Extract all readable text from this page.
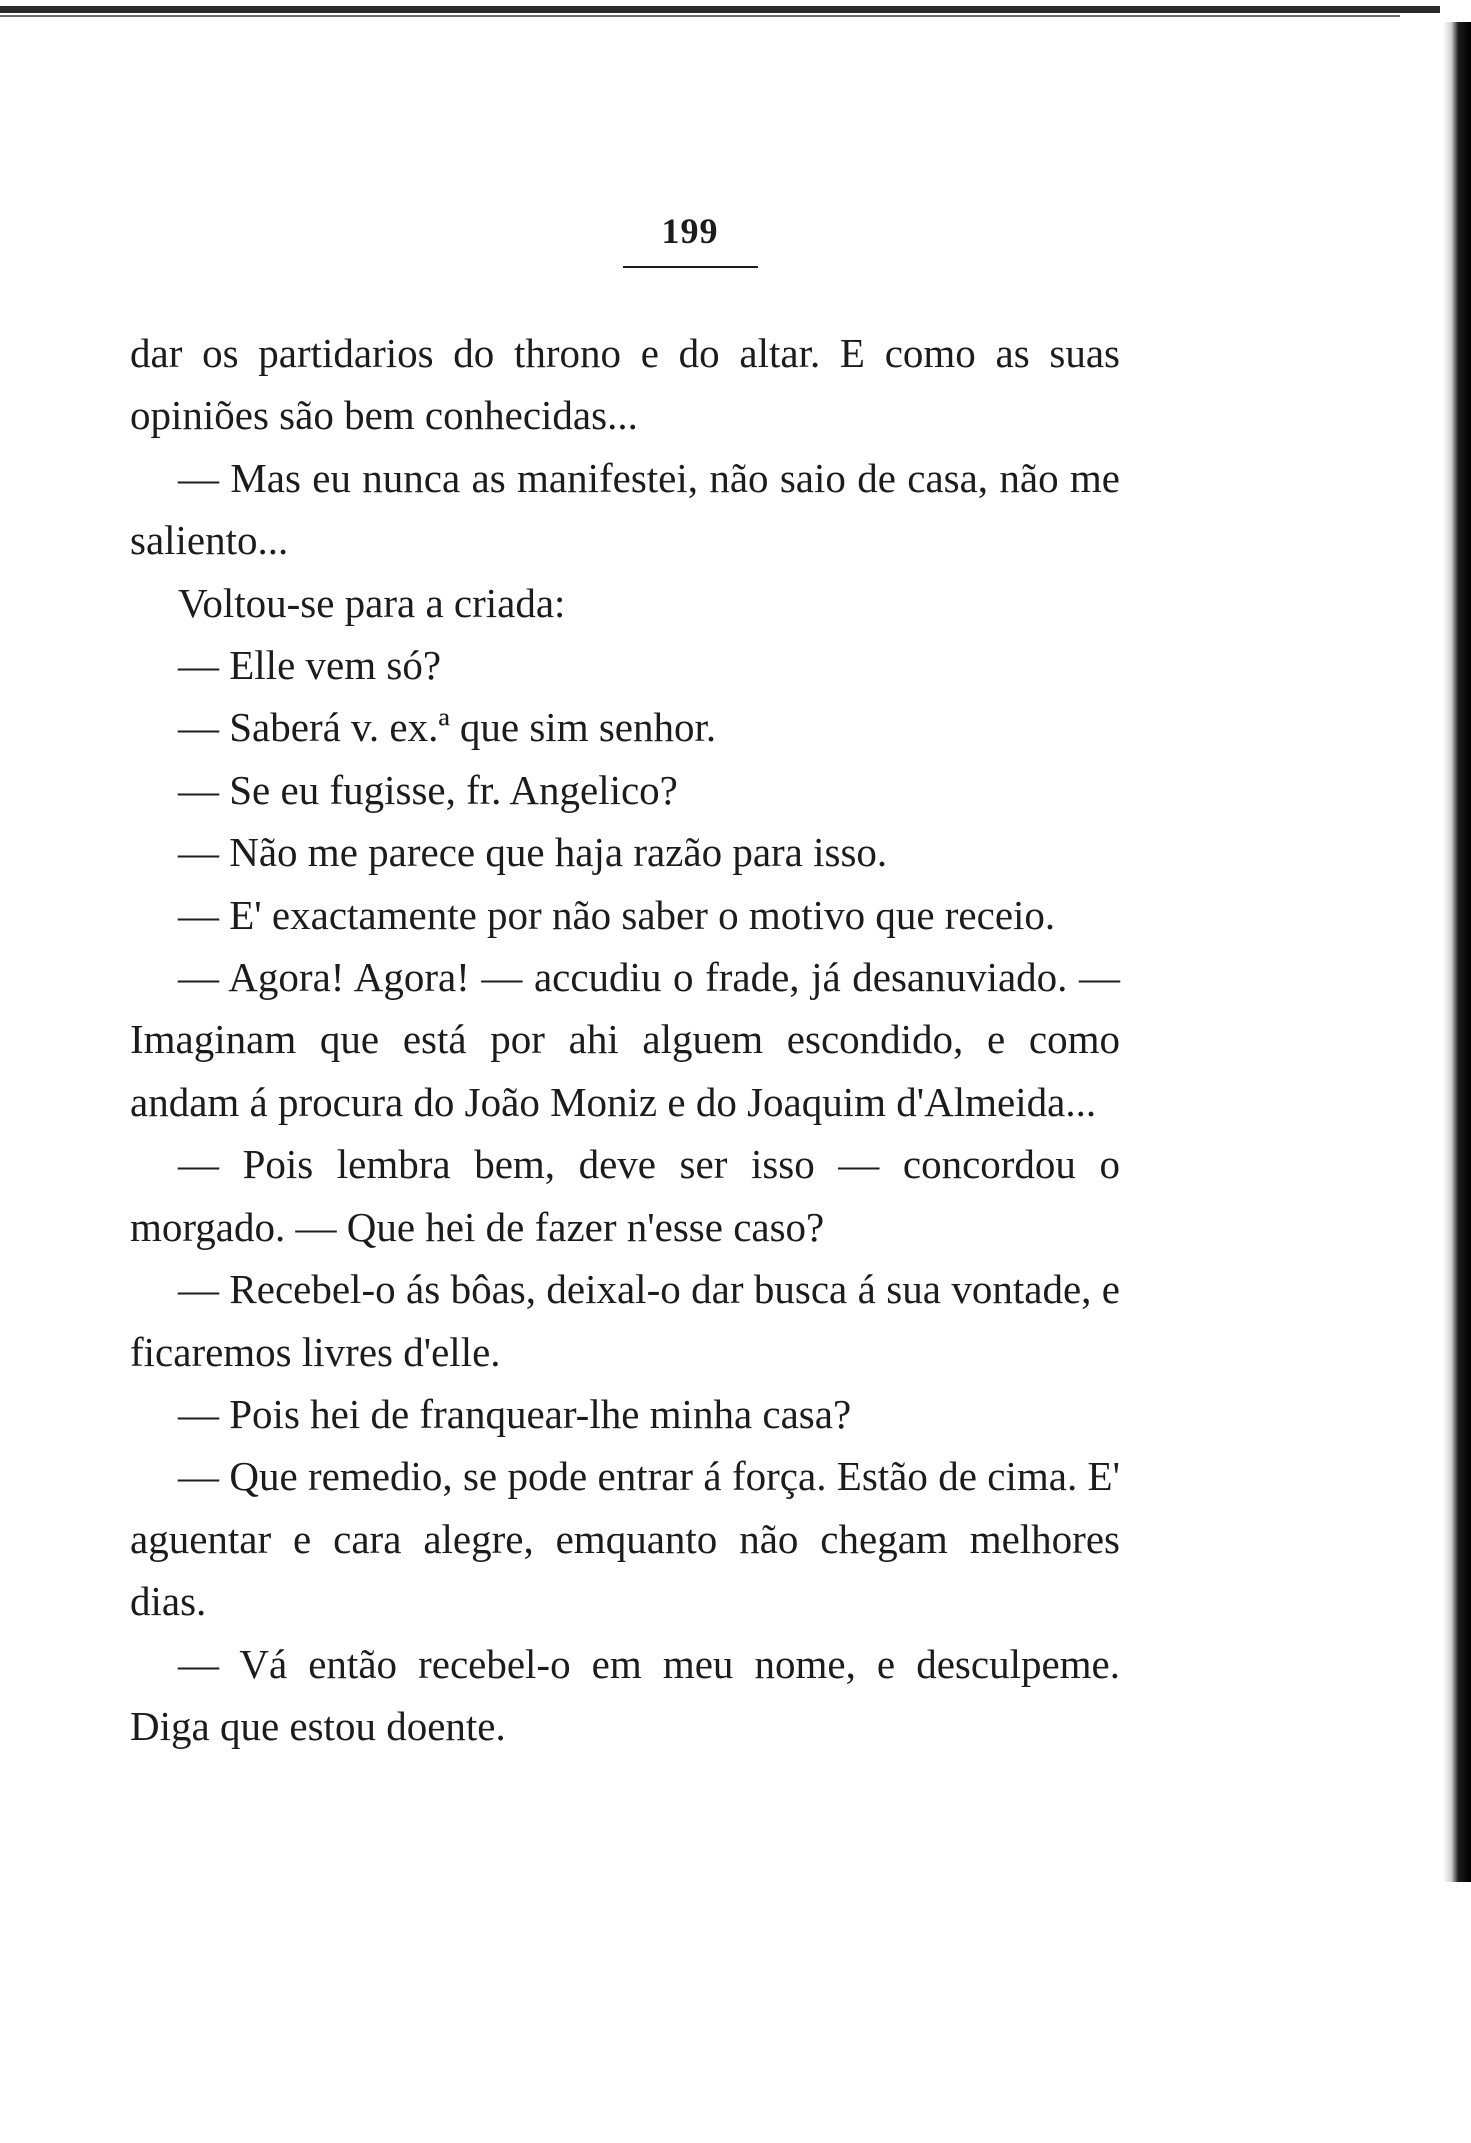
199

dar os partidarios do throno e do altar. E como as suas opiniões são bem conhecidas...

— Mas eu nunca as manifestei, não saio de casa, não me saliento...

Voltou-se para a criada:

— Elle vem só?

— Saberá v. ex.ª que sim senhor.

— Se eu fugisse, fr. Angelico?

— Não me parece que haja razão para isso.

— E' exactamente por não saber o motivo que receio.

— Agora! Agora! — accudiu o frade, já desanuviado. — Imaginam que está por ahi alguem escondido, e como andam á procura do João Moniz e do Joaquim d'Almeida...

— Pois lembra bem, deve ser isso — concordou o morgado. — Que hei de fazer n'esse caso?

— Recebel-o ás bôas, deixal-o dar busca á sua vontade, e ficaremos livres d'elle.

— Pois hei de franquear-lhe minha casa?

— Que remedio, se pode entrar á força. Estão de cima. E' aguentar e cara alegre, emquanto não chegam melhores dias.

— Vá então recebel-o em meu nome, e desculpeme. Diga que estou doente.
